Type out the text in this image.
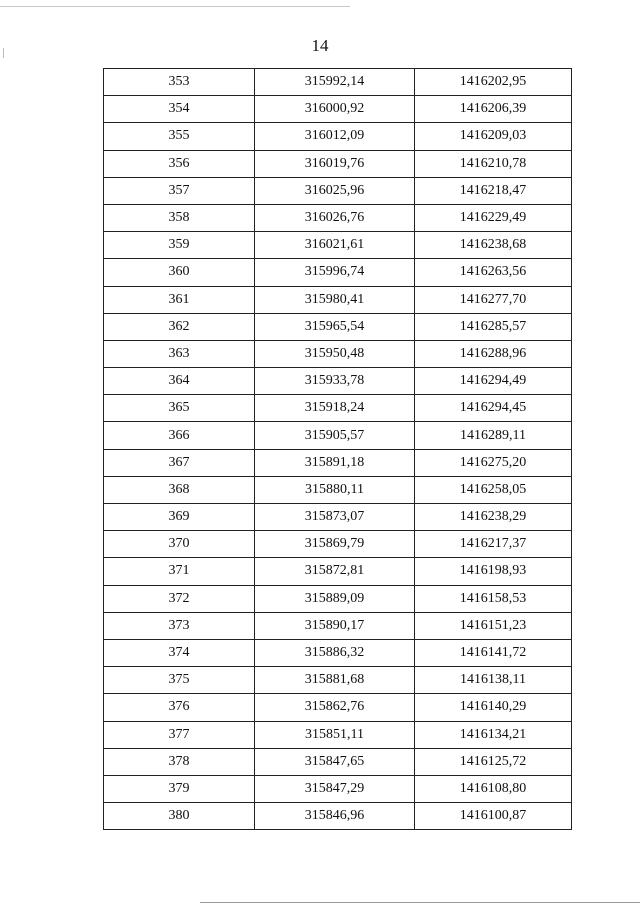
14
353	315992,14	1416202,95
354	316000,92	1416206,39
355	316012,09	1416209,03
356	316019,76	1416210,78
357	316025,96	1416218,47
358	316026,76	1416229,49
359	316021,61	1416238,68
360	315996,74	1416263,56
361	315980,41	1416277,70
362	315965,54	1416285,57
363	315950,48	1416288,96
364	315933,78	1416294,49
365	315918,24	1416294,45
366	315905,57	1416289,11
367	315891,18	1416275,20
368	315880,11	1416258,05
369	315873,07	1416238,29
370	315869,79	1416217,37
371	315872,81	1416198,93
372	315889,09	1416158,53
373	315890,17	1416151,23
374	315886,32	1416141,72
375	315881,68	1416138,11
376	315862,76	1416140,29
377	315851,11	1416134,21
378	315847,65	1416125,72
379	315847,29	1416108,80
380	315846,96	1416100,87
